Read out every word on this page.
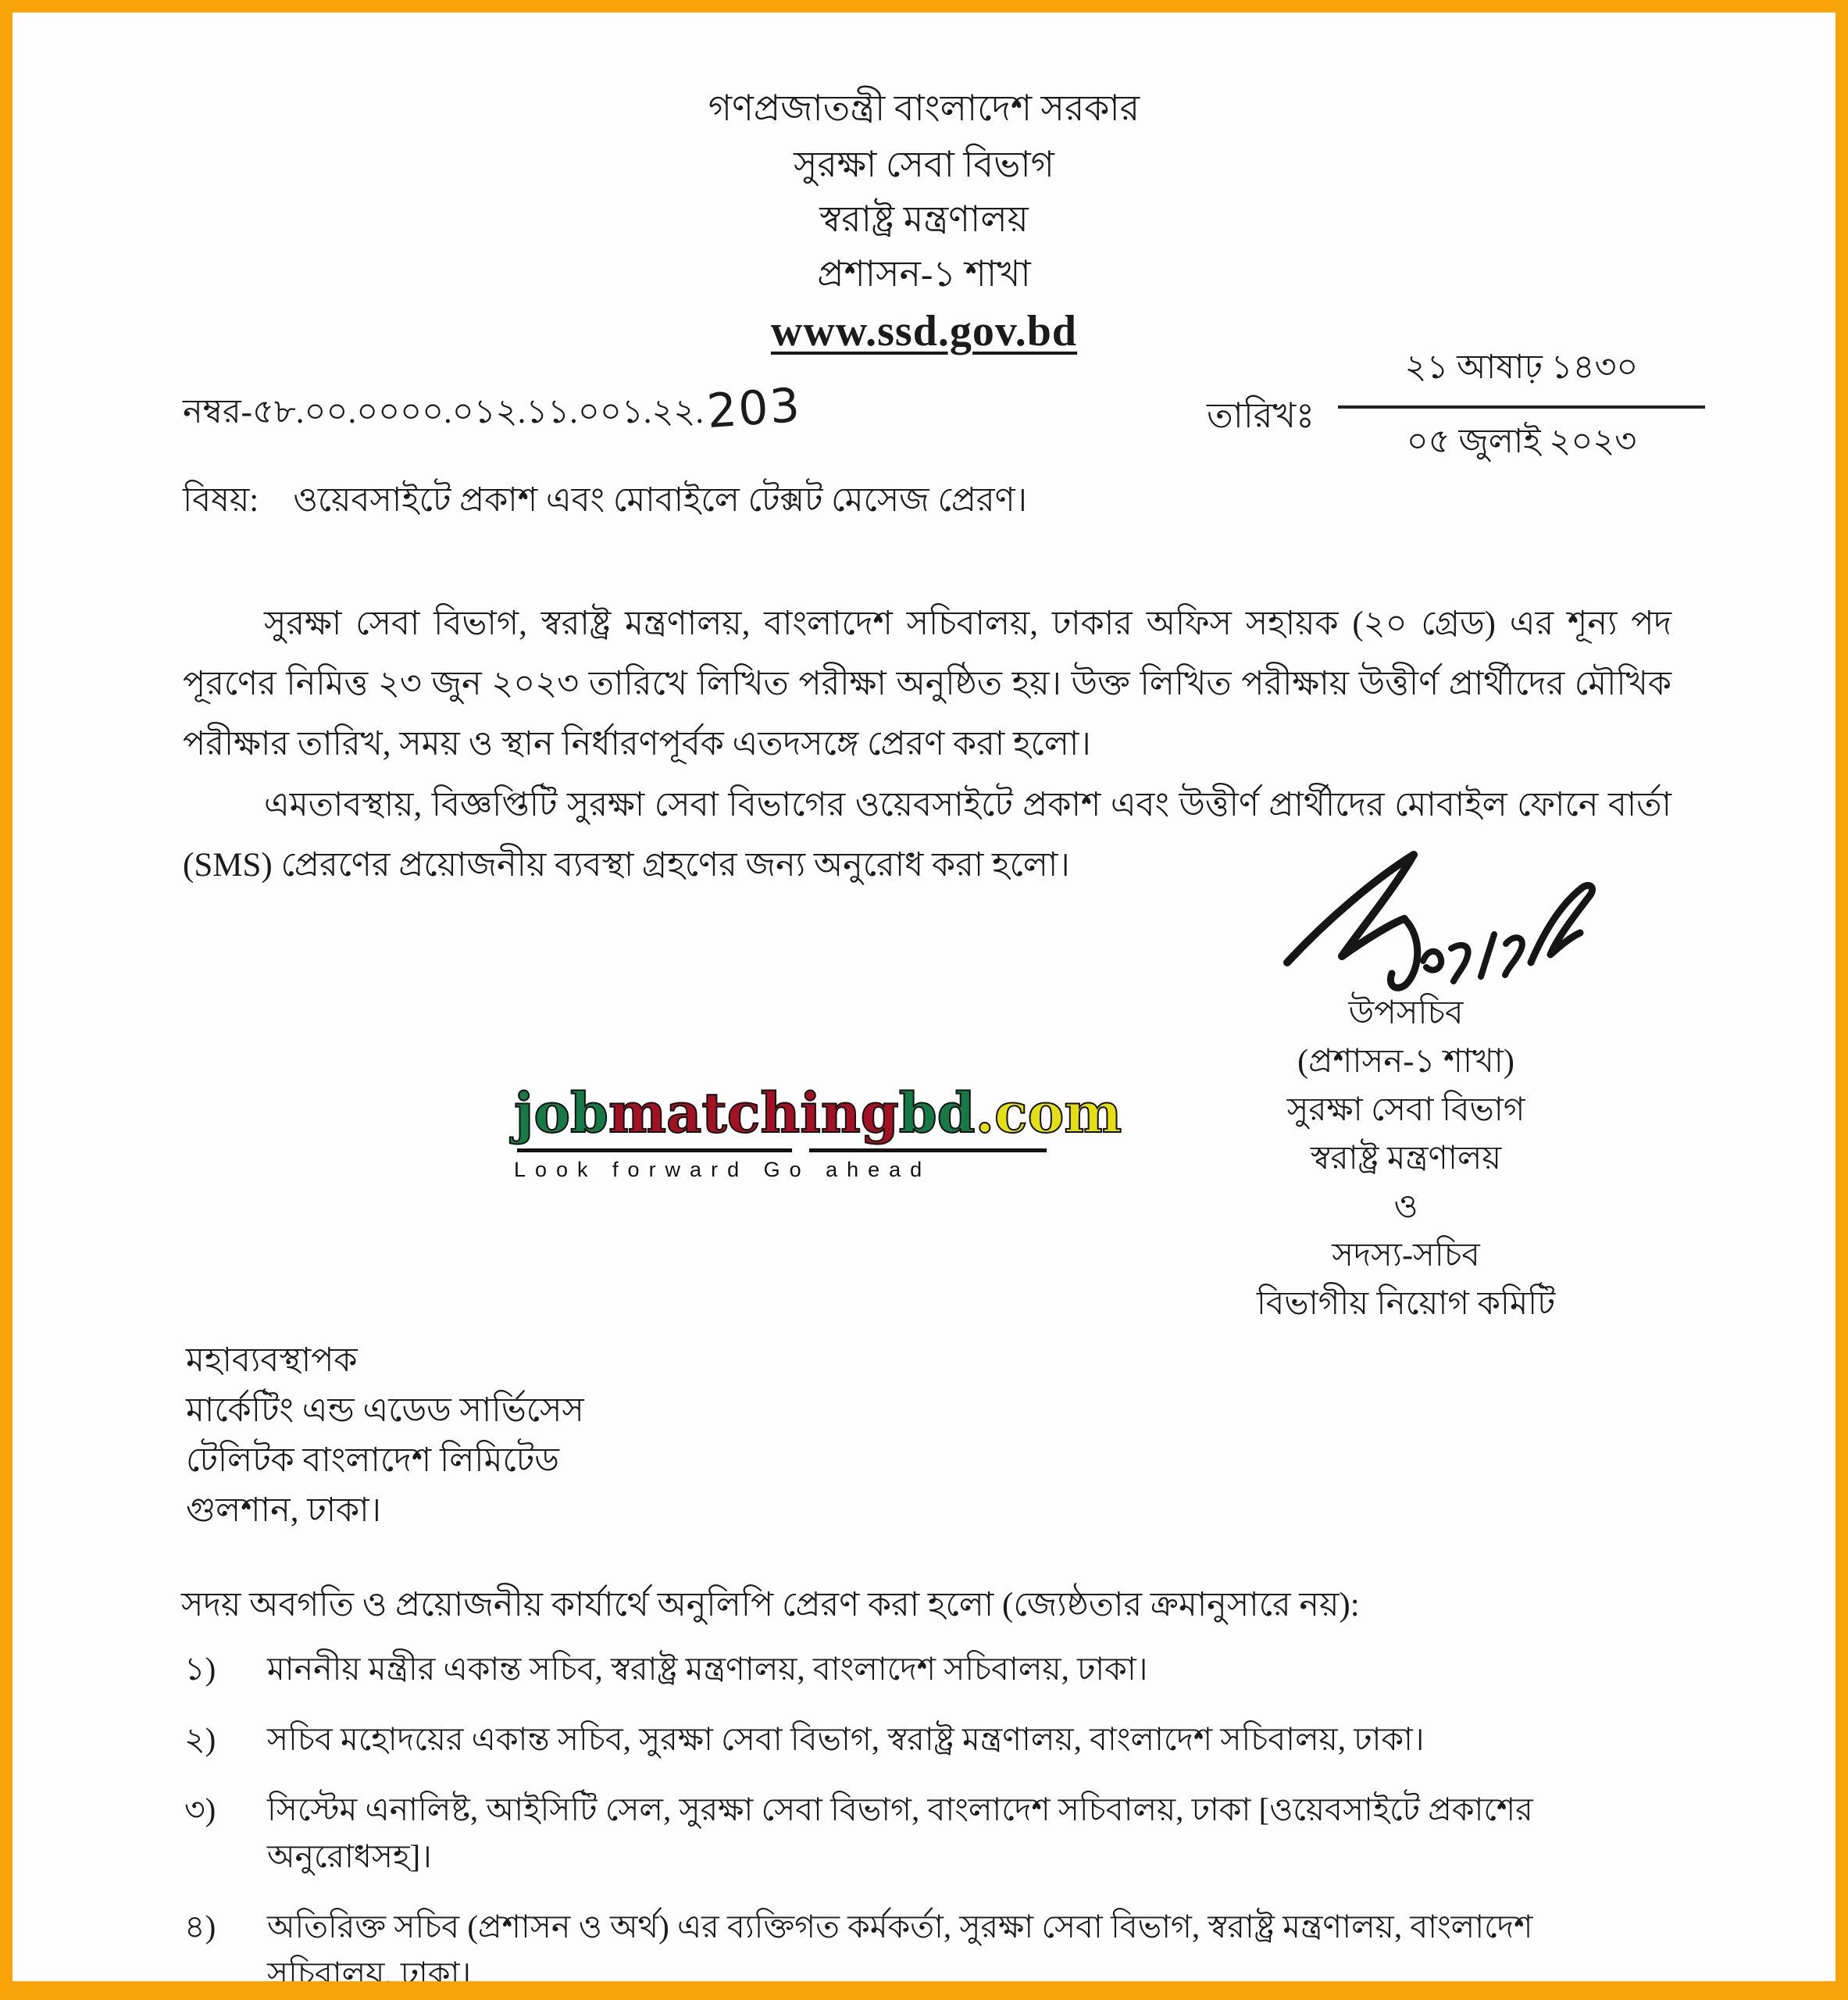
গণপ্রজাতন্ত্রী বাংলাদেশ সরকার
সুরক্ষা সেবা বিভাগ
স্বরাষ্ট্র মন্ত্রণালয়
প্রশাসন-১ শাখা
www.ssd.gov.bd
নম্বর-৫৮.০০.০০০০.০১২.১১.০০১.২২.203	তারিখঃ
২১ আষাঢ় ১৪৩০
০৫ জুলাই ২০২৩
বিষয়: ওয়েবসাইটে প্রকাশ এবং মোবাইলে টেক্সট মেসেজ প্রেরণ।
সুরক্ষা সেবা বিভাগ, স্বরাষ্ট্র মন্ত্রণালয়, বাংলাদেশ সচিবালয়, ঢাকার অফিস সহায়ক (২০ গ্রেড) এর শূন্য পদ পূরণের নিমিত্ত ২৩ জুন ২০২৩ তারিখে লিখিত পরীক্ষা অনুষ্ঠিত হয়। উক্ত লিখিত পরীক্ষায় উত্তীর্ণ প্রার্থীদের মৌখিক পরীক্ষার তারিখ, সময় ও স্থান নির্ধারণপূর্বক এতদসঙ্গে প্রেরণ করা হলো।
এমতাবস্থায়, বিজ্ঞপ্তিটি সুরক্ষা সেবা বিভাগের ওয়েবসাইটে প্রকাশ এবং উত্তীর্ণ প্রার্থীদের মোবাইল ফোনে বার্তা (SMS) প্রেরণের প্রয়োজনীয় ব্যবস্থা গ্রহণের জন্য অনুরোধ করা হলো।
উপসচিব
(প্রশাসন-১ শাখা)
সুরক্ষা সেবা বিভাগ
স্বরাষ্ট্র মন্ত্রণালয়
ও
সদস্য-সচিব
বিভাগীয় নিয়োগ কমিটি
jobmatchingbd.com
Look forward Go ahead
মহাব্যবস্থাপক
মার্কেটিং এন্ড এডেড সার্ভিসেস
টেলিটক বাংলাদেশ লিমিটেড
গুলশান, ঢাকা।
সদয় অবগতি ও প্রয়োজনীয় কার্যার্থে অনুলিপি প্রেরণ করা হলো (জ্যেষ্ঠতার ক্রমানুসারে নয়):
১)	মাননীয় মন্ত্রীর একান্ত সচিব, স্বরাষ্ট্র মন্ত্রণালয়, বাংলাদেশ সচিবালয়, ঢাকা।
২)	সচিব মহোদয়ের একান্ত সচিব, সুরক্ষা সেবা বিভাগ, স্বরাষ্ট্র মন্ত্রণালয়, বাংলাদেশ সচিবালয়, ঢাকা।
৩)	সিস্টেম এনালিষ্ট, আইসিটি সেল, সুরক্ষা সেবা বিভাগ, বাংলাদেশ সচিবালয়, ঢাকা [ওয়েবসাইটে প্রকাশের অনুরোধসহ]।
৪)	অতিরিক্ত সচিব (প্রশাসন ও অর্থ) এর ব্যক্তিগত কর্মকর্তা, সুরক্ষা সেবা বিভাগ, স্বরাষ্ট্র মন্ত্রণালয়, বাংলাদেশ সচিবালয়, ঢাকা।
